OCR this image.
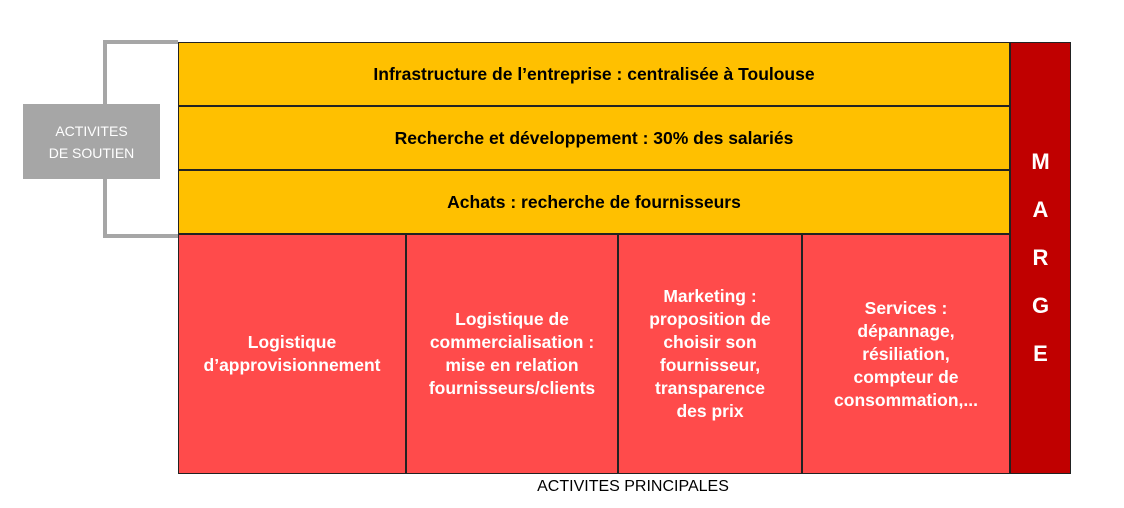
ACTIVITES
DE SOUTIEN
Infrastructure de l’entreprise : centralisée à Toulouse
Recherche et développement : 30% des salariés
Achats : recherche de fournisseurs
Logistique
d’approvisionnement
Logistique de
commercialisation :
mise en relation
fournisseurs/clients
Marketing :
proposition de
choisir son
fournisseur,
transparence
des prix
Services :
dépannage,
résiliation,
compteur de
consommation,...
M
A
R
G
E
ACTIVITES PRINCIPALES
